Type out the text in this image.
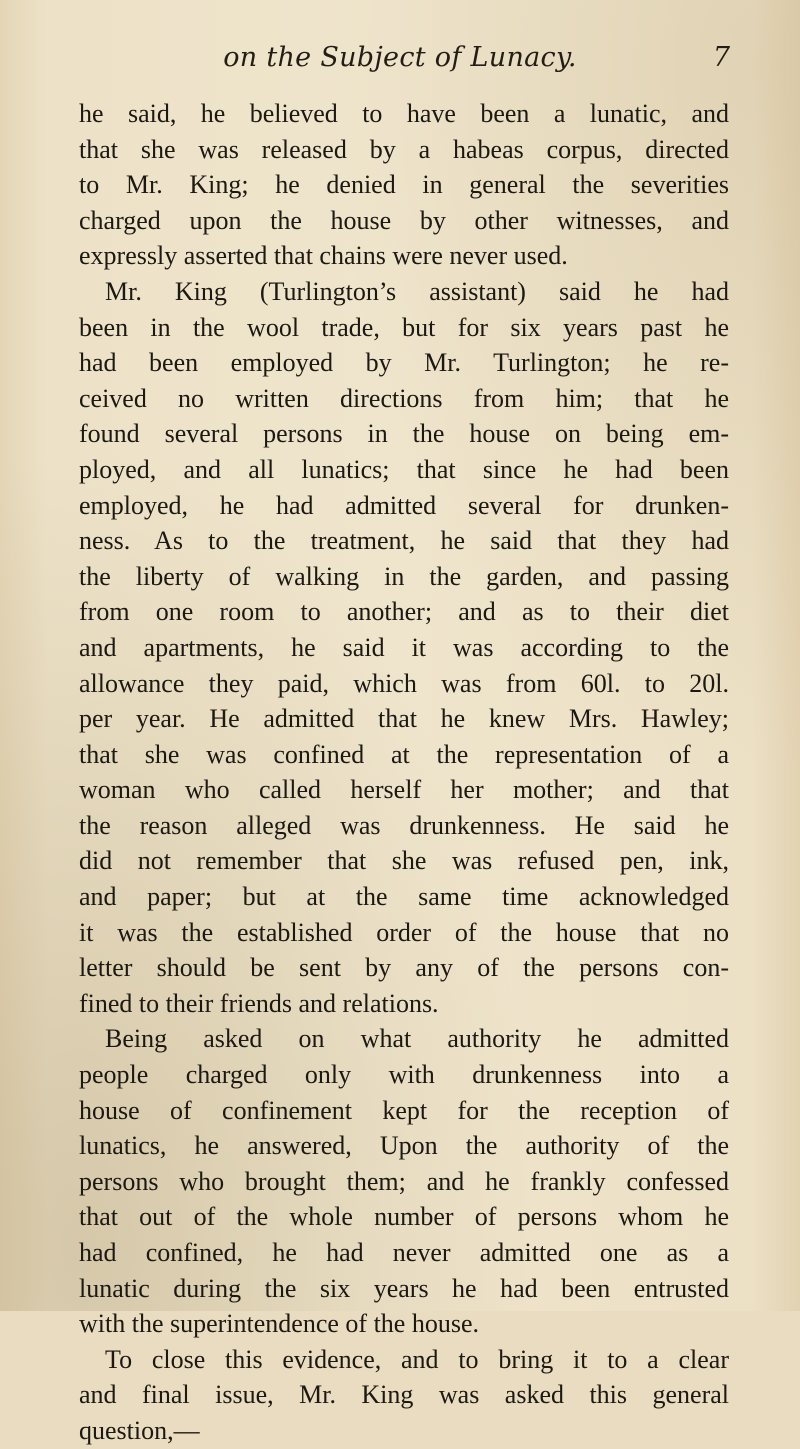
on the Subject of Lunacy.	7
he said, he believed to have been a lunatic, and
that she was released by a habeas corpus, directed
to Mr. King; he denied in general the severities
charged upon the house by other witnesses, and
expressly asserted that chains were never used.
Mr. King (Turlington’s assistant) said he had
been in the wool trade, but for six years past he
had been employed by Mr. Turlington; he re-
ceived no written directions from him; that he
found several persons in the house on being em-
ployed, and all lunatics; that since he had been
employed, he had admitted several for drunken-
ness. As to the treatment, he said that they had
the liberty of walking in the garden, and passing
from one room to another; and as to their diet
and apartments, he said it was according to the
allowance they paid, which was from 60l. to 20l.
per year. He admitted that he knew Mrs. Hawley;
that she was confined at the representation of a
woman who called herself her mother; and that
the reason alleged was drunkenness. He said he
did not remember that she was refused pen, ink,
and paper; but at the same time acknowledged
it was the established order of the house that no
letter should be sent by any of the persons con-
fined to their friends and relations.
Being asked on what authority he admitted
people charged only with drunkenness into a
house of confinement kept for the reception of
lunatics, he answered, Upon the authority of the
persons who brought them; and he frankly confessed
that out of the whole number of persons whom he
had confined, he had never admitted one as a
lunatic during the six years he had been entrusted
with the superintendence of the house.
To close this evidence, and to bring it to a clear
and final issue, Mr. King was asked this general
question,—
